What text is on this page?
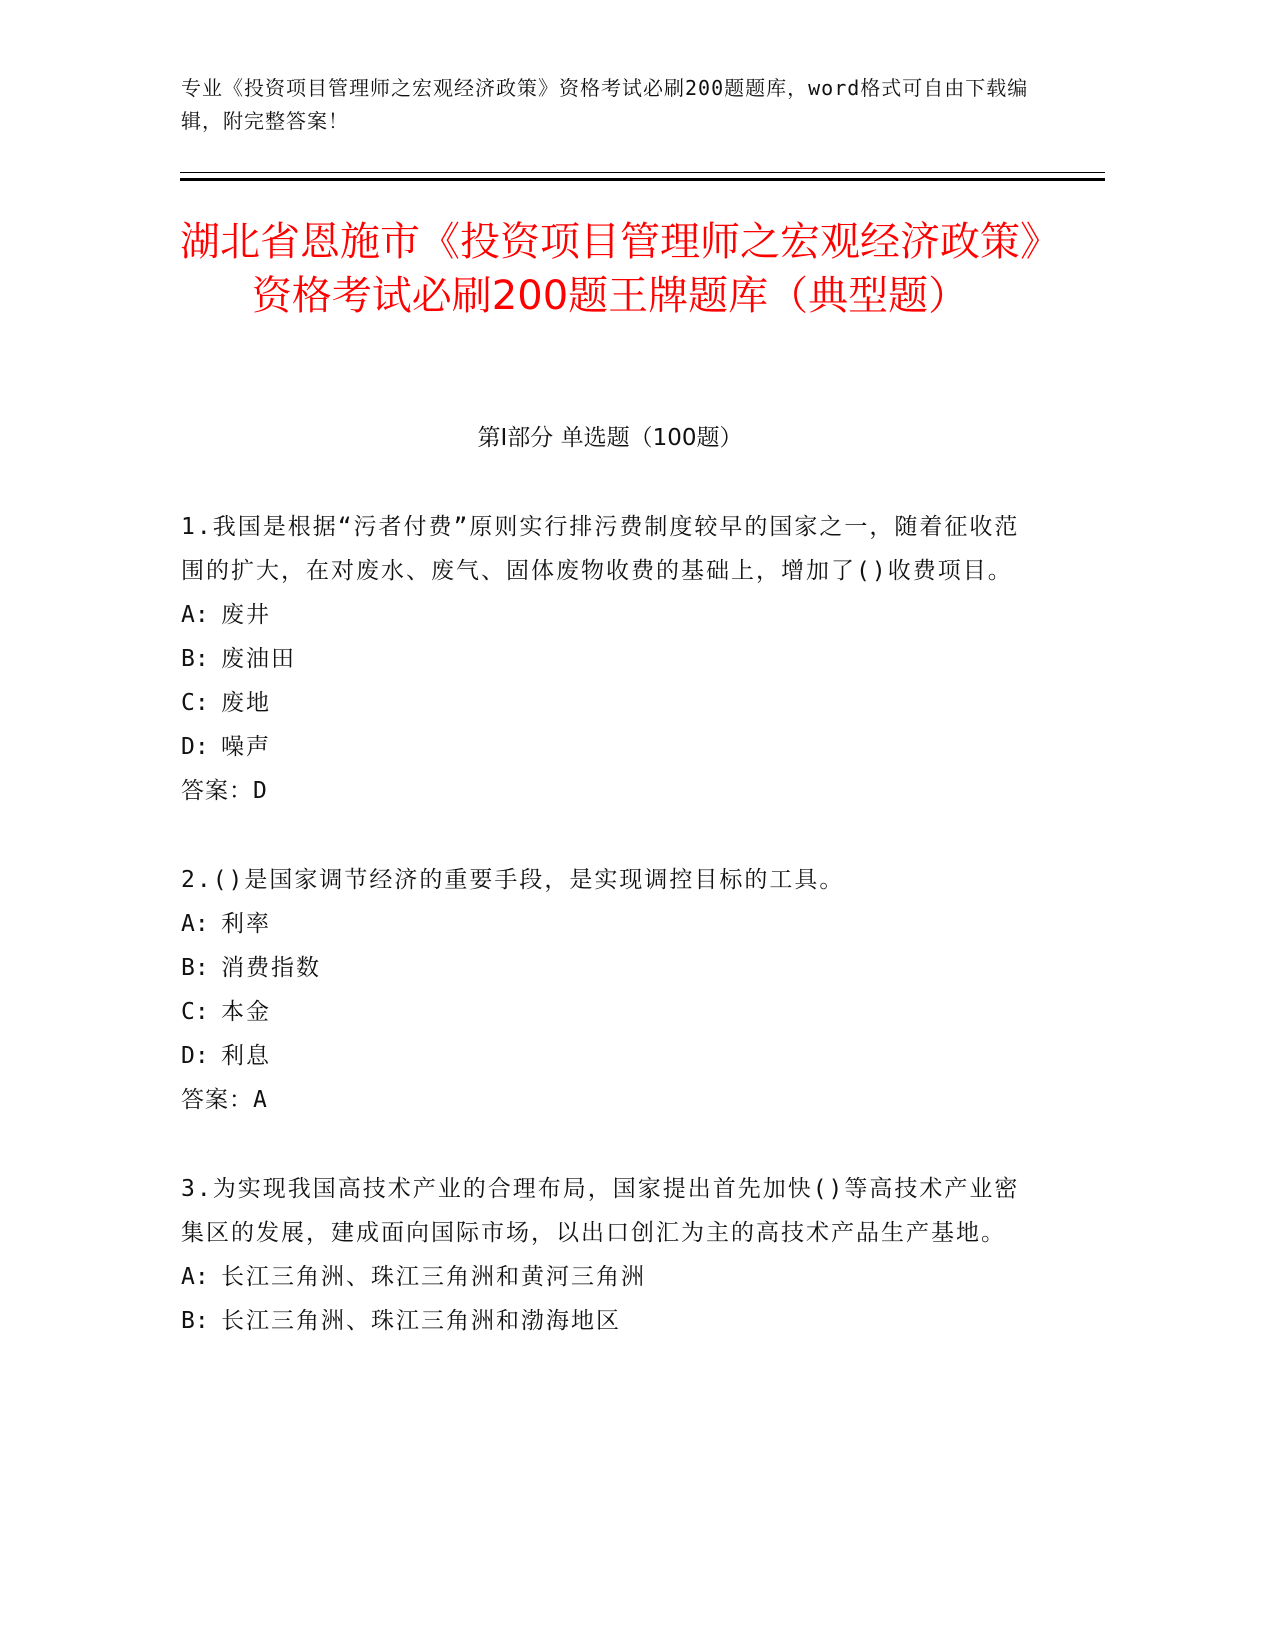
专业《投资项目管理师之宏观经济政策》资格考试必刷200题题库，word格式可自由下载编辑，附完整答案！
湖北省恩施市《投资项目管理师之宏观经济政策》资格考试必刷200题王牌题库（典型题）
第Ⅰ部分 单选题（100题）
1.我国是根据“污者付费”原则实行排污费制度较早的国家之一，随着征收范围的扩大，在对废水、废气、固体废物收费的基础上，增加了()收费项目。
A: 废井
B: 废油田
C: 废地
D: 噪声
答案：D
2.()是国家调节经济的重要手段，是实现调控目标的工具。
A: 利率
B: 消费指数
C: 本金
D: 利息
答案：A
3.为实现我国高技术产业的合理布局，国家提出首先加快()等高技术产业密集区的发展，建成面向国际市场，以出口创汇为主的高技术产品生产基地。
A: 长江三角洲、珠江三角洲和黄河三角洲
B: 长江三角洲、珠江三角洲和渤海地区
